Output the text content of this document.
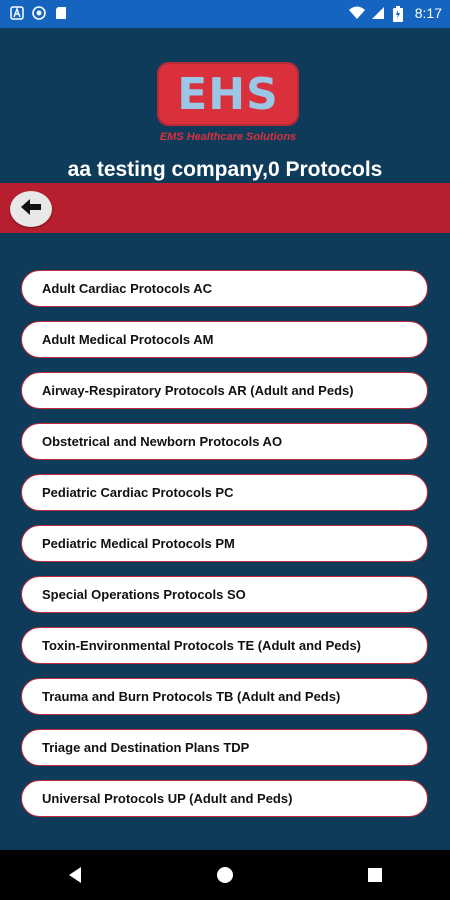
8:17
EHS
EMS Healthcare Solutions
aa testing company,0 Protocols
Adult Cardiac Protocols AC
Adult Medical Protocols AM
Airway-Respiratory Protocols AR (Adult and Peds)
Obstetrical and Newborn Protocols AO
Pediatric Cardiac Protocols PC
Pediatric Medical Protocols PM
Special Operations Protocols SO
Toxin-Environmental Protocols TE (Adult and Peds)
Trauma and Burn Protocols TB (Adult and Peds)
Triage and Destination Plans TDP
Universal Protocols UP (Adult and Peds)
